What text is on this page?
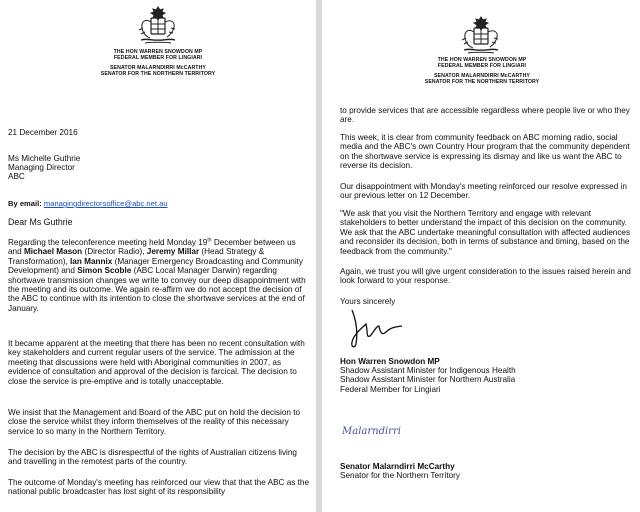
THE HON WARREN SNOWDON MP
FEDERAL MEMBER FOR LINGIARI
SENATOR MALARNDIRRI McCARTHY
SENATOR FOR THE NORTHERN TERRITORY
21 December 2016
Ms Michelle Guthrie
Managing Director
ABC
By email: managingdirectorsoffice@abc.net.au
Dear Ms Guthrie
Regarding the teleconference meeting held Monday 19th December between us and Michael Mason (Director Radio), Jeremy Millar (Head Strategy & Transformation), Ian Mannix (Manager Emergency Broadcasting and Community Development) and Simon Scoble (ABC Local Manager Darwin) regarding shortwave transmission changes we write to convey our deep disappointment with the meeting and its outcome. We again re-affirm we do not accept the decision of the ABC to continue with its intention to close the shortwave services at the end of January.
It became apparent at the meeting that there has been no recent consultation with key stakeholders and current regular users of the service. The admission at the meeting that discussions were held with Aboriginal communities in 2007, as evidence of consultation and approval of the decision is farcical. The decision to close the service is pre-emptive and is totally unacceptable.
We insist that the Management and Board of the ABC put on hold the decision to close the service whilst they inform themselves of the reality of this necessary service to so many in the Northern Territory.
The decision by the ABC is disrespectful of the rights of Australian citizens living and travelling in the remotest parts of the country.
The outcome of Monday's meeting has reinforced our view that that the ABC as the national public broadcaster has lost sight of its responsibility
THE HON WARREN SNOWDON MP
FEDERAL MEMBER FOR LINGIARI
SENATOR MALARNDIRRI McCARTHY
SENATOR FOR THE NORTHERN TERRITORY
to provide services that are accessible regardless where people live or who they are.
This week, it is clear from community feedback on ABC morning radio, social media and the ABC's own Country Hour program that the community dependent on the shortwave service is expressing its dismay and like us want the ABC to reverse its decision.
Our disappointment with Monday's meeting reinforced our resolve expressed in our previous letter on 12 December.
"We ask that you visit the Northern Territory and engage with relevant stakeholders to better understand the impact of this decision on the community. We ask that the ABC undertake meaningful consultation with affected audiences and reconsider its decision, both in terms of substance and timing, based on the feedback from the community."
Again, we trust you will give urgent consideration to the issues raised herein and look forward to your response.
Yours sincerely
Hon Warren Snowdon MP
Shadow Assistant Minister for Indigenous Health
Shadow Assistant Minister for Northern Australia
Federal Member for Lingiari
Malarndirri
Senator Malarndirri McCarthy
Senator for the Northern Territory
